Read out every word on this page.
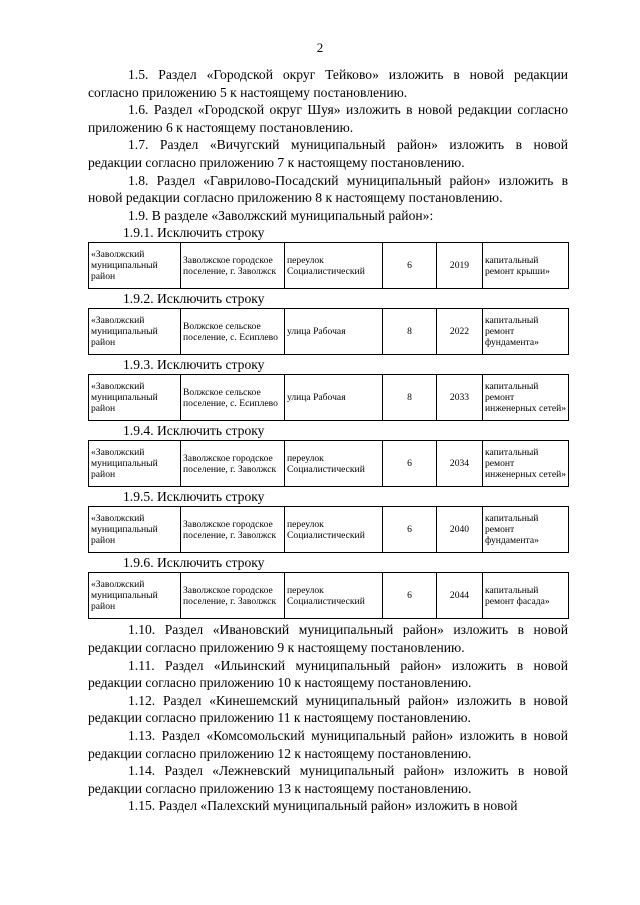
2

1.5. Раздел «Городской округ Тейково» изложить в новой редакции согласно приложению 5 к настоящему постановлению.

1.6. Раздел «Городской округ Шуя» изложить в новой редакции согласно приложению 6 к настоящему постановлению.

1.7. Раздел «Вичугский муниципальный район» изложить в новой редакции согласно приложению 7 к настоящему постановлению.

1.8. Раздел «Гаврилово-Посадский муниципальный район» изложить в новой редакции согласно приложению 8 к настоящему постановлению.

1.9. В разделе «Заволжский муниципальный район»:

1.9.1. Исключить строку
«Заволжский муниципальный район	Заволжское городское поселение, г. Заволжск	переулок Социалистический	6	2019	капитальный ремонт крыши»
1.9.2. Исключить строку
«Заволжский муниципальный район	Волжское сельское поселение, с. Есиплево	улица Рабочая	8	2022	капитальный ремонт фундамента»
1.9.3. Исключить строку
«Заволжский муниципальный район	Волжское сельское поселение, с. Есиплево	улица Рабочая	8	2033	капитальный ремонт инженерных сетей»
1.9.4. Исключить строку
«Заволжский муниципальный район	Заволжское городское поселение, г. Заволжск	переулок Социалистический	6	2034	капитальный ремонт инженерных сетей»
1.9.5. Исключить строку
«Заволжский муниципальный район	Заволжское городское поселение, г. Заволжск	переулок Социалистический	6	2040	капитальный ремонт фундамента»
1.9.6. Исключить строку
«Заволжский муниципальный район	Заволжское городское поселение, г. Заволжск	переулок Социалистический	6	2044	капитальный ремонт фасада»

1.10. Раздел «Ивановский муниципальный район» изложить в новой редакции согласно приложению 9 к настоящему постановлению.

1.11. Раздел «Ильинский муниципальный район» изложить в новой редакции согласно приложению 10 к настоящему постановлению.

1.12. Раздел «Кинешемский муниципальный район» изложить в новой редакции согласно приложению 11 к настоящему постановлению.

1.13. Раздел «Комсомольский муниципальный район» изложить в новой редакции согласно приложению 12 к настоящему постановлению.

1.14. Раздел «Лежневский муниципальный район» изложить в новой редакции согласно приложению 13 к настоящему постановлению.

1.15. Раздел «Палехский муниципальный район» изложить в новой
